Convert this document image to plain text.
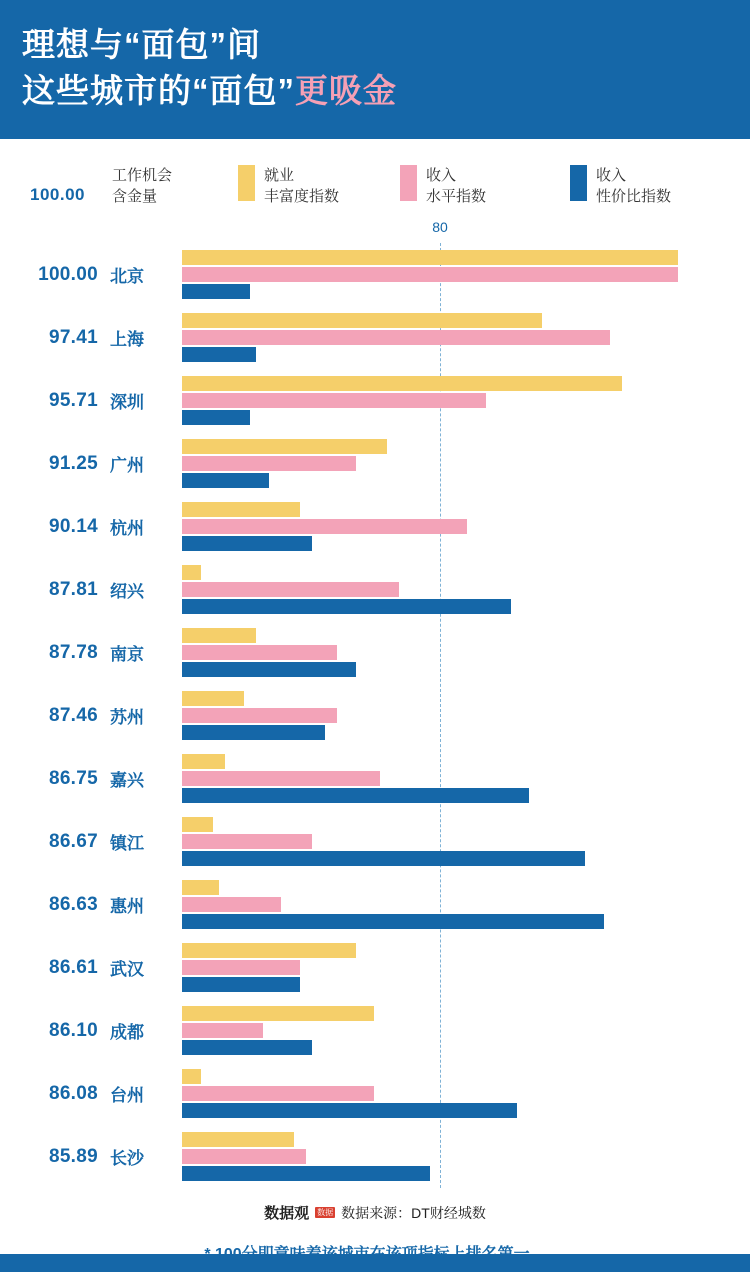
理想与“面包”间
这些城市的“面包”更吸金
100.00
工作机会
含金量
就业
丰富度指数
收入
水平指数
收入
性价比指数
80
100.00 北京
97.41 上海
95.71 深圳
91.25 广州
90.14 杭州
87.81 绍兴
87.78 南京
87.46 苏州
86.75 嘉兴
86.67 镇江
86.63 惠州
86.61 武汉
86.10 成都
86.08 台州
85.89 长沙
数据观 数据 数据来源：DT财经城数
